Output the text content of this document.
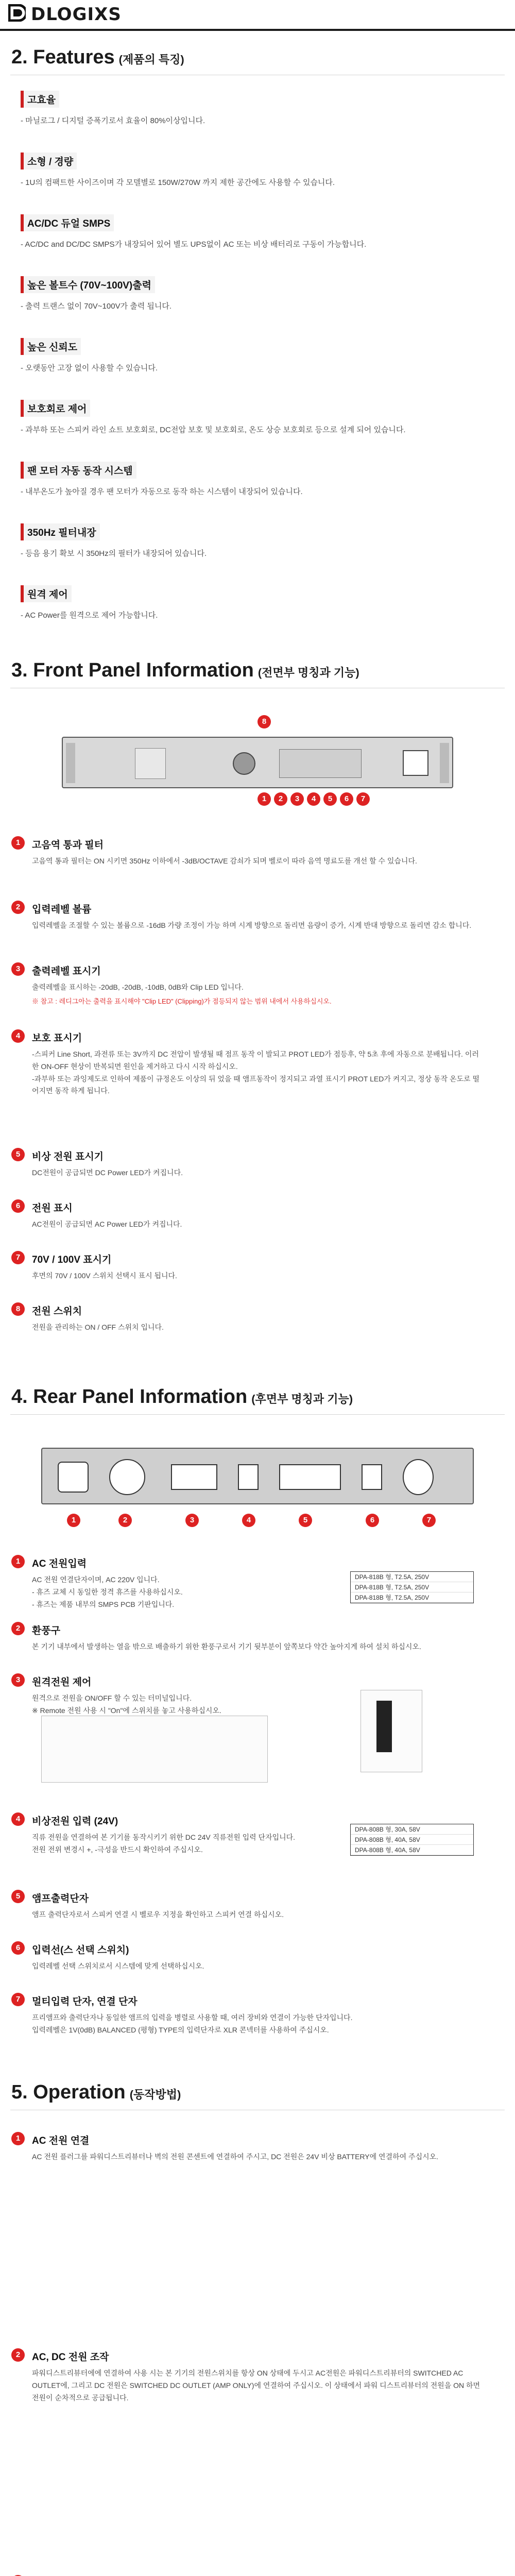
DLOGIXS
2. Features (제품의 특징)
고효율
- 마닐로그 / 디지털 증폭기로서 효율이 80%이상입니다.
소형 / 경량
- 1U의 컴팩트한 사이즈이며 각 모델별로 150W/270W 까지 제한 공간에도 사용할 수 있습니다.
AC/DC 듀얼 SMPS
- AC/DC and DC/DC SMPS가 내장되어 있어 별도 UPS없이 AC 또는 비상 배터리로 구동이 가능합니다.
높은 볼트수 (70V~100V)출력
- 출력 트랜스 없이 70V~100V가 출력 됩니다.
높은 신뢰도
- 오랫동안 고장 없이 사용할 수 있습니다.
보호회로 제어
- 과부하 또는 스피커 라인 쇼트 보호회로, DC전압 보호 및 보호회로, 온도 상승 보호회로 등으로 설계 되어 있습니다.
팬 모터 자동 동작 시스템
- 내부온도가 높아질 경우 팬 모터가 자동으로 동작 하는 시스템이 내장되어 있습니다.
350Hz 필터내장
- 등음 용기 확보 시 350Hz의 필터가 내장되어 있습니다.
원격 제어
- AC Power를 원격으로 제어 가능합니다.
3. Front Panel Information (전면부 명칭과 기능)
8
1	2	3	4	5	6	7
1	고음역 통과 필터
고음역 통과 필터는 ON 시키면 350Hz 이하에서 -3dB/OCTAVE 감쇠가 되며 벨로이 따라 음역 명료도를 개선 할 수 있습니다.
2	입력레벨 볼륨
입력레벨을 조절할 수 있는 볼륨으로 -16dB 가량 조정이 가능 하며 시계 방향으로 돌리면 음량이 증가, 시계 반대 방향으로 돌리면 감소 합니다.
3	출력레벨 표시기
출력레벨을 표시하는 -20dB, -20dB, -10dB, 0dB와 Clip LED 입니다.
※ 참고 : 레디그아는 출력을 표시해야 "Clip LED" (Clipping)가 점등되지 않는 범위 내에서 사용하십시오.
4	보호 표시기
-스피커 Line Short, 과전류 또는 3V까지 DC 전압이 발생될 때 점프 동작 이 발되고 PROT LED가 점등후, 약 5초 후에 자동으로 분배됩니다. 이러한 ON-OFF 현상이 반복되면 원인을 제거하고 다시 시작 하십시오.
-과부하 또는 과잉제도로 인하여 제품이 규정온도 이상의 뒤 었을 때 앰프동작이 정지되고 과열 표시기 PROT LED가 켜지고, 정상 동작 온도로 떨어지면 동작 하게 됩니다.
5	비상 전원 표시기
DC전원이 공급되면 DC Power LED가 켜집니다.
6	전원 표시
AC전원이 공급되면 AC Power LED가 켜집니다.
7	70V / 100V 표시기
후면의 70V / 100V 스위치 선택시 표시 됩니다.
8	전원 스위치
전원을 관리하는 ON / OFF 스위치 입니다.
4. Rear Panel Information (후면부 명칭과 기능)
1	2	3	4	5	6	7
1	AC 전원입력
AC 전원 연결단자이며, AC 220V 입니다.
- 휴즈 교체 시 동일한 정격 휴즈를 사용하십시오.
- 휴즈는 제품 내부의 SMPS PCB 기판입니다.
DPA-818B 형, T2.5A, 250V
DPA-818B 형, T2.5A, 250V
DPA-818B 형, T2.5A, 250V
2	환풍구
본 기기 내부에서 발생하는 열을 밖으로 배출하기 위한 환풍구로서 기기 뒷부분이 앞쪽보다 약간 높아지게 하여 설치 하십시오.
3	원격전원 제어
원격으로 전원을 ON/OFF 할 수 있는 터미널입니다.
※ Remote 전원 사용 시 "On"에 스위치를 놓고 사용하십시오.
4	비상전원 입력 (24V)
직류 전원을 연결하여 본 기기를 동작시키기 위한 DC 24V 직류전원 입력 단자입니다.
전원 전위 변경시 +, -극성을 반드시 확인하여 주십시오.
DPA-808B 형, 30A, 58V
DPA-808B 형, 40A, 58V
DPA-808B 형, 40A, 58V
5	앰프출력단자
앰프 출력단자로서 스피커 연결 시 벨로우 지정을 확인하고 스피커 연결 하십시오.
6	입력선(스 선택 스위치)
입력레벨 선택 스위치로서 시스템에 맞게 선택하십시오.
7	멀티입력 단자, 연결 단자
프리앰프와 출력단자나 동일한 앰프의 입력을 병렬로 사용할 때, 여러 장비와 연결이 가능한 단자입니다.
입력레벨은 1V(0dB) BALANCED (평형) TYPE의 입력단자로 XLR 콘넥터를 사용하여 주십시오.
5. Operation (동작방법)
1	AC 전원 연결
AC 전원 플러그를 파워디스트리뷰터나 벽의 전원 콘센트에 연결하여 주시고, DC 전원은 24V 비상 BATTERY에 연결하여 주십시오.
2	AC, DC 전원 조작
파워디스트리뷰터에에 연결하여 사용 시는 본 기기의 전원스위치를 항상 ON 상태에 두시고 AC전원은 파워디스트리뷰터의 SWITCHED AC OUTLET에, 그리고 DC 전원은 SWITCHED DC OUTLET (AMP ONLY)에 연결하여 주십시오. 이 상태에서 파워 디스트리뷰터의 전원을 ON 하면 전원이 순차적으로 공급됩니다.
